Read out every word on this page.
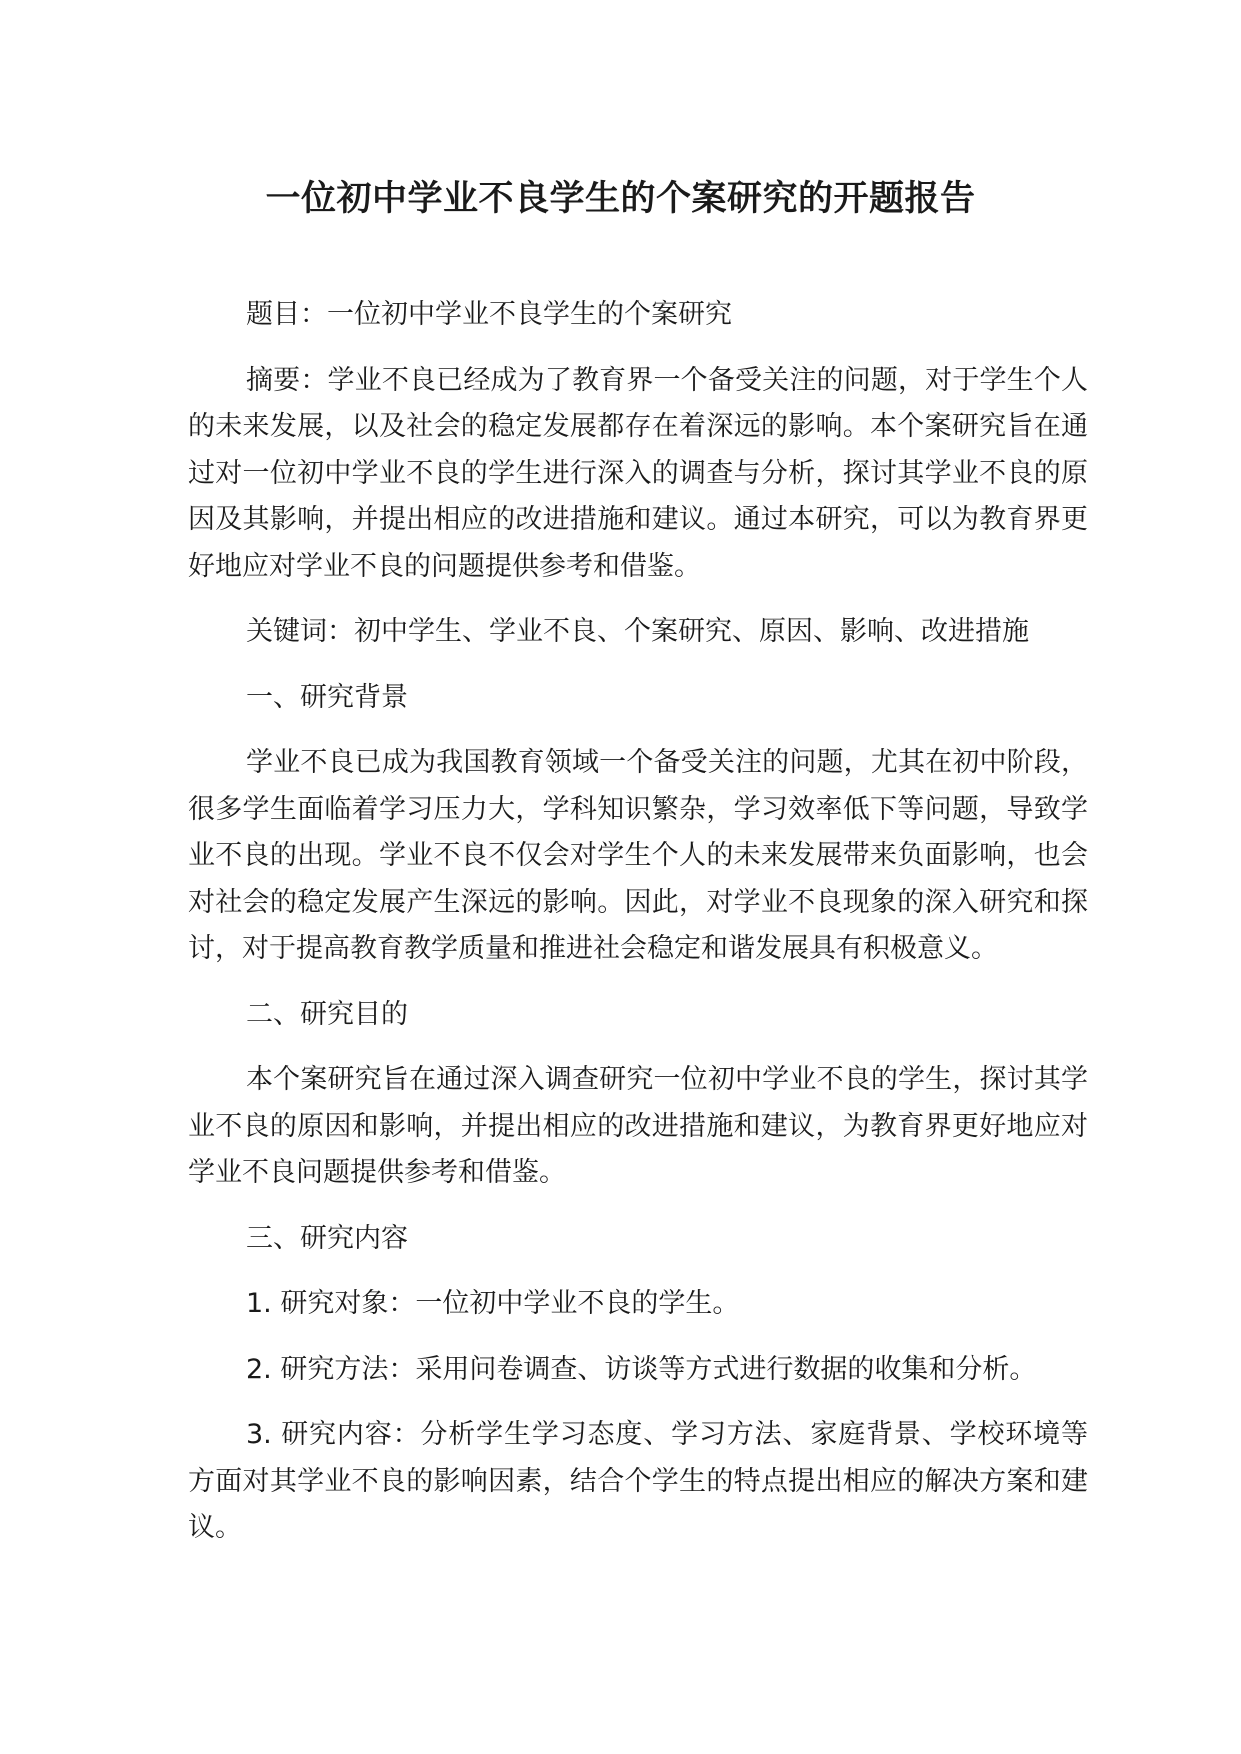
一位初中学业不良学生的个案研究的开题报告

题目：一位初中学业不良学生的个案研究

摘要：学业不良已经成为了教育界一个备受关注的问题，对于学生个人的未来发展，以及社会的稳定发展都存在着深远的影响。本个案研究旨在通过对一位初中学业不良的学生进行深入的调查与分析，探讨其学业不良的原因及其影响，并提出相应的改进措施和建议。通过本研究，可以为教育界更好地应对学业不良的问题提供参考和借鉴。

关键词：初中学生、学业不良、个案研究、原因、影响、改进措施

一、研究背景

学业不良已成为我国教育领域一个备受关注的问题，尤其在初中阶段，很多学生面临着学习压力大，学科知识繁杂，学习效率低下等问题，导致学业不良的出现。学业不良不仅会对学生个人的未来发展带来负面影响，也会对社会的稳定发展产生深远的影响。因此，对学业不良现象的深入研究和探讨，对于提高教育教学质量和推进社会稳定和谐发展具有积极意义。

二、研究目的

本个案研究旨在通过深入调查研究一位初中学业不良的学生，探讨其学业不良的原因和影响，并提出相应的改进措施和建议，为教育界更好地应对学业不良问题提供参考和借鉴。

三、研究内容

1. 研究对象：一位初中学业不良的学生。

2. 研究方法：采用问卷调查、访谈等方式进行数据的收集和分析。

3. 研究内容：分析学生学习态度、学习方法、家庭背景、学校环境等方面对其学业不良的影响因素，结合个学生的特点提出相应的解决方案和建议。
